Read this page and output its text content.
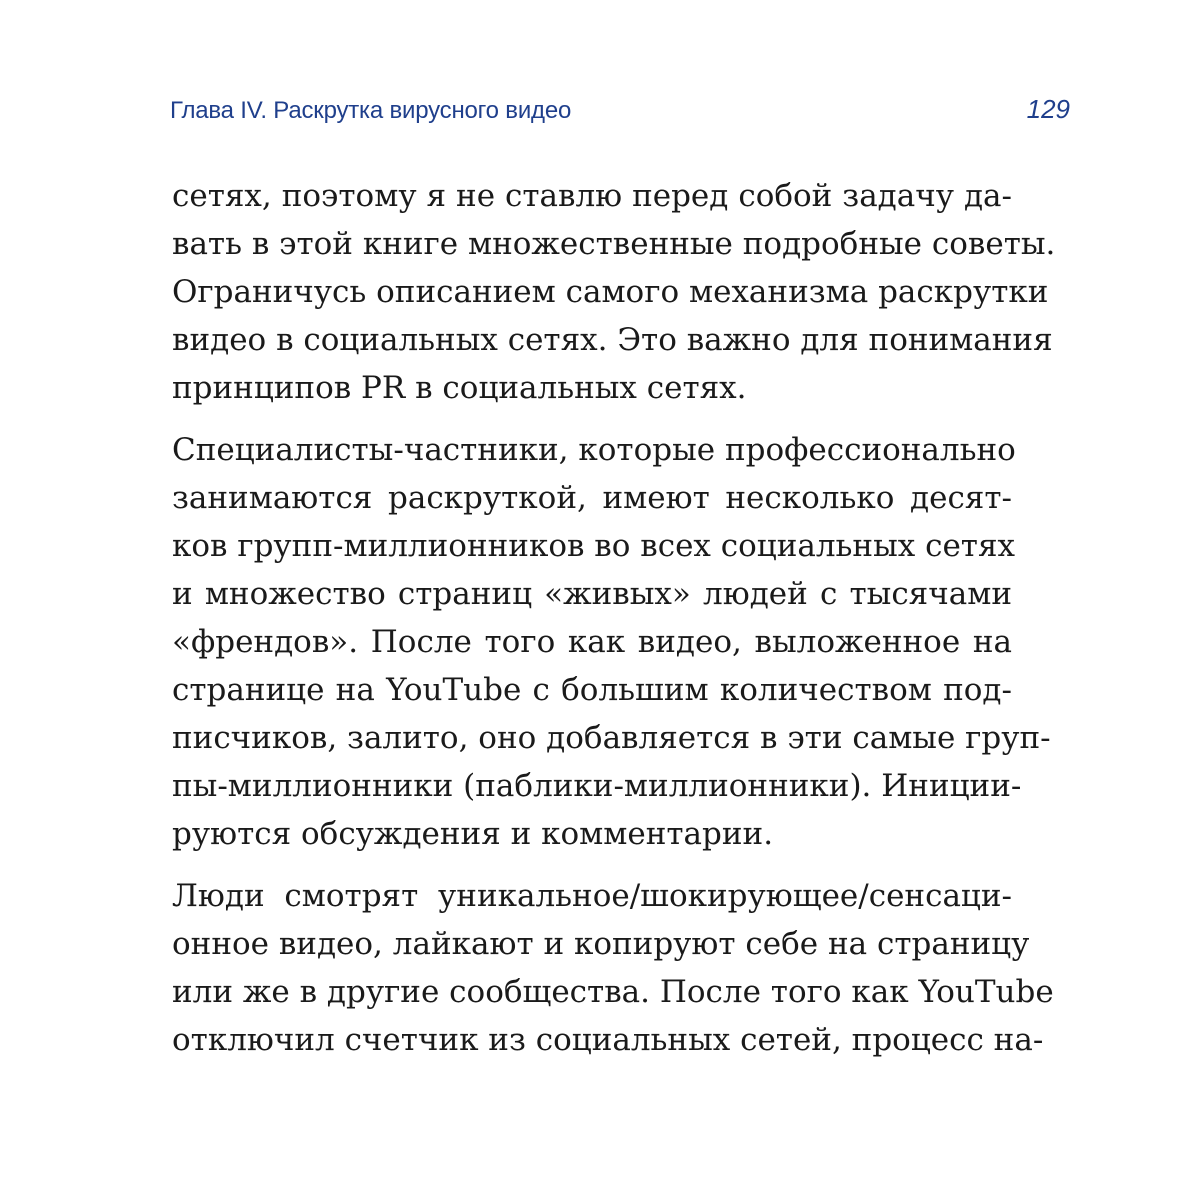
Глава IV. Раскрутка вирусного видео	129
сетях, поэтому я не ставлю перед собой задачу да-
вать в этой книге множественные подробные советы.
Ограничусь описанием самого механизма раскрутки
видео в социальных сетях. Это важно для понимания
принципов PR в социальных сетях.
Специалисты-частники, которые профессионально
занимаются раскруткой, имеют несколько десят-
ков групп-миллионников во всех социальных сетях
и множество страниц «живых» людей с тысячами
«френдов». После того как видео, выложенное на
странице на YouTube с большим количеством под-
писчиков, залито, оно добавляется в эти самые груп-
пы-миллионники (паблики-миллионники). Иниции-
руются обсуждения и комментарии.
Люди смотрят уникальное/шокирующее/сенсаци-
онное видео, лайкают и копируют себе на страницу
или же в другие сообщества. После того как YouTube
отключил счетчик из социальных сетей, процесс на-
